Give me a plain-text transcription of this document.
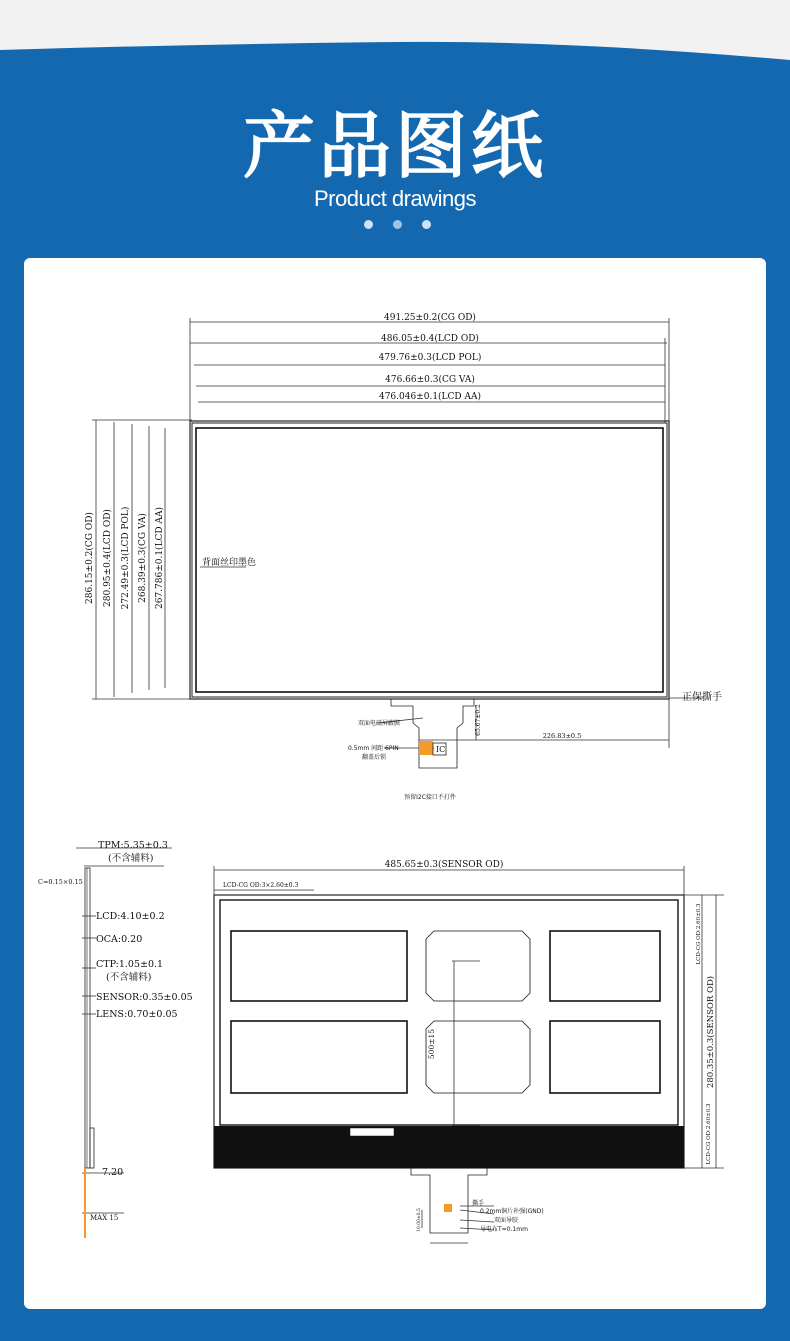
产品图纸
Product drawings
491.25±0.2(CG OD)
486.05±0.4(LCD OD)
479.76±0.3(LCD POL)
476.66±0.3(CG VA)
476.046±0.1(LCD AA)
286.15±0.2(CG OD) 280.95±0.4(LCD OD) 272.49±0.3(LCD POL) 268.39±0.3(CG VA) 267.786±0.1(LCD AA)	背面丝印墨色
正保撕手
双面电磁屏蔽膜
0.5mm 间距 6PIN
翻盖后锁
IC
65.67±0.2
226.83±0.5
预留I2C接口不打件
TPM:5.35±0.3
(不含辅料)
C=0.15×0.15
LCD:4.10±0.2
OCA:0.20
CTP:1.05±0.1
(不含辅料)
SENSOR:0.35±0.05
LENS:0.70±0.05
7.20
MAX 15
485.65±0.3(SENSOR OD)
LCD-CG OD:3×2.60±0.3
280.35±0.3(SENSOR OD)
LCD-CG OD:2.60±0.3
LCD-CG OD:2.60±0.3
500±15
撕手
0.2mm铜片补强(GND)
双面导胶
导电布T=0.1mm
10.00±0.5
